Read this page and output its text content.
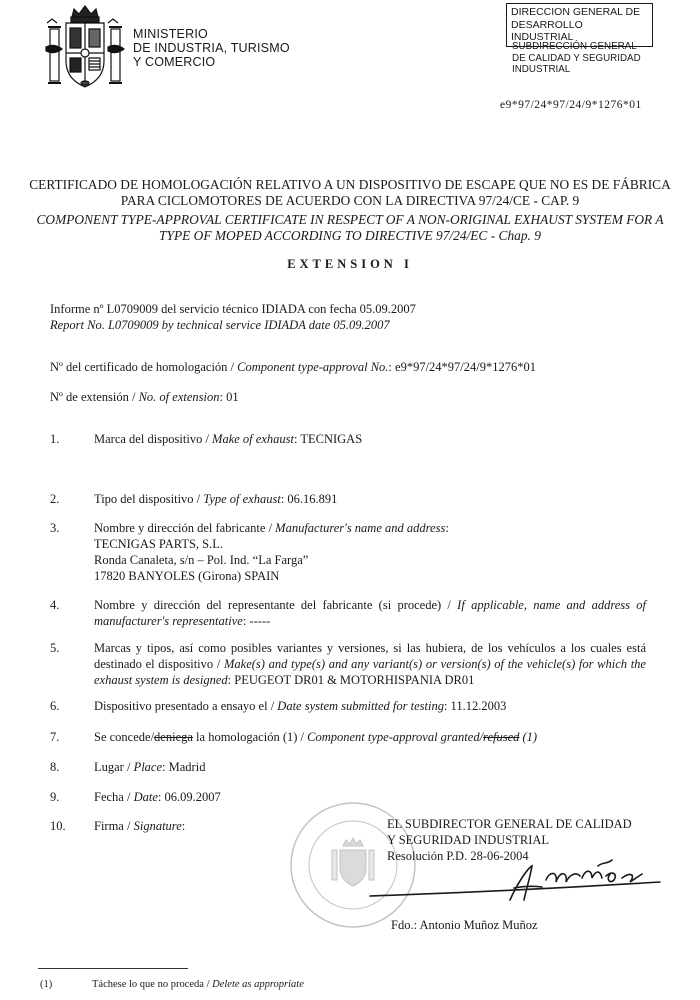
MINISTERIO
DE INDUSTRIA, TURISMO
Y COMERCIO
DIRECCION GENERAL DE
DESARROLLO INDUSTRIAL
SUBDIRECCIÓN GENERAL
DE CALIDAD Y SEGURIDAD
INDUSTRIAL
e9*97/24*97/24/9*1276*01
CERTIFICADO DE HOMOLOGACIÓN RELATIVO A UN DISPOSITIVO DE ESCAPE QUE NO ES DE FÁBRICA PARA CICLOMOTORES DE ACUERDO CON LA DIRECTIVA 97/24/CE - CAP. 9
COMPONENT TYPE-APPROVAL CERTIFICATE IN RESPECT OF A NON-ORIGINAL EXHAUST SYSTEM FOR A TYPE OF MOPED ACCORDING TO DIRECTIVE 97/24/EC - Chap. 9
EXTENSION I
Informe nº L0709009 del servicio técnico IDIADA con fecha 05.09.2007
Report No. L0709009 by technical service IDIADA date 05.09.2007
Nº del certificado de homologación / Component type-approval No.: e9*97/24*97/24/9*1276*01
Nº de extensión / No. of extension: 01
1.	Marca del dispositivo / Make of exhaust: TECNIGAS
2.	Tipo del dispositivo / Type of exhaust: 06.16.891
3.	Nombre y dirección del fabricante / Manufacturer's name and address:
TECNIGAS PARTS, S.L.
Ronda Canaleta, s/n – Pol. Ind. “La Farga”
17820 BANYOLES (Girona) SPAIN
4.	Nombre y dirección del representante del fabricante (si procede) / If applicable, name and address of manufacturer's representative: -----
5.	Marcas y tipos, así como posibles variantes y versiones, si las hubiera, de los vehículos a los cuales está destinado el dispositivo / Make(s) and type(s) and any variant(s) or version(s) of the vehicle(s) for which the exhaust system is designed: PEUGEOT DR01 & MOTORHISPANIA DR01
6.	Dispositivo presentado a ensayo el / Date system submitted for testing: 11.12.2003
7.	Se concede/deniega la homologación (1) / Component type-approval granted/refused (1)
8.	Lugar / Place: Madrid
9.	Fecha / Date: 06.09.2007
10. Firma / Signature:	EL SUBDIRECTOR GENERAL DE CALIDAD
Y SEGURIDAD INDUSTRIAL
Resolución P.D. 28-06-2004
Fdo.: Antonio Muñoz Muñoz
(1)	Táchese lo que no proceda / Delete as appropriate
